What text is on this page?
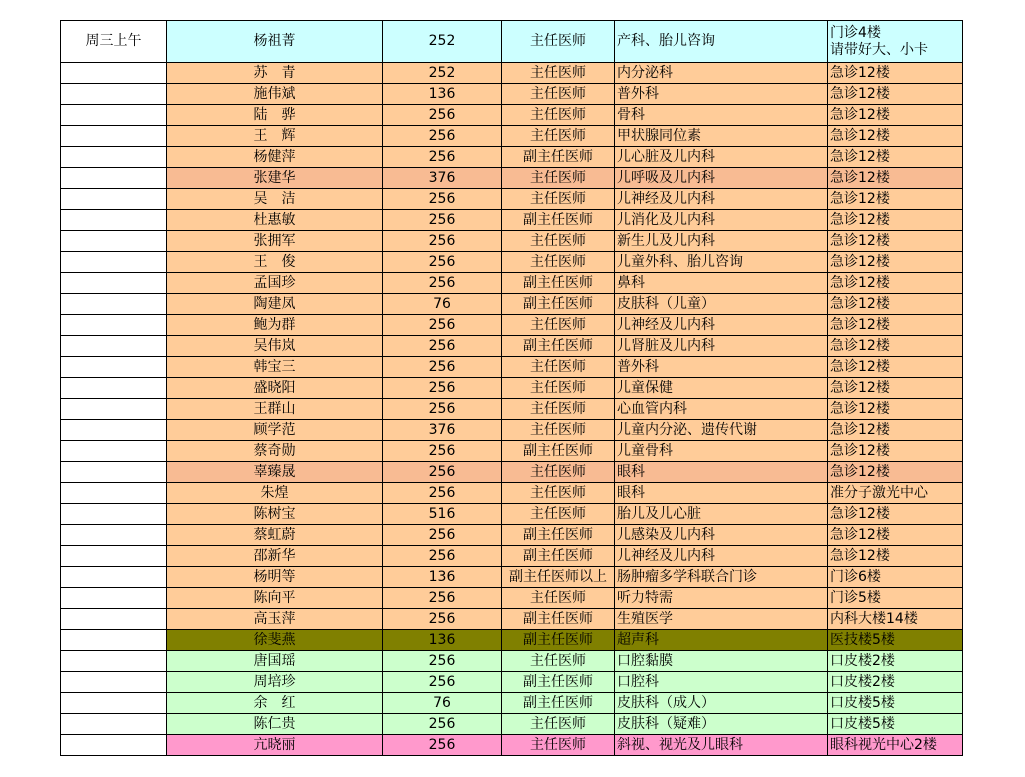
周三上午	杨祖菁	252	主任医师	产科、胎儿咨询	门诊4楼
请带好大、小卡
	苏　青	252	主任医师	内分泌科	急诊12楼
	施伟斌	136	主任医师	普外科	急诊12楼
	陆　骅	256	主任医师	骨科	急诊12楼
	王　辉	256	主任医师	甲状腺同位素	急诊12楼
	杨健萍	256	副主任医师	儿心脏及儿内科	急诊12楼
	张建华	376	主任医师	儿呼吸及儿内科	急诊12楼
	吴　洁	256	主任医师	儿神经及儿内科	急诊12楼
	杜惠敏	256	副主任医师	儿消化及儿内科	急诊12楼
	张拥军	256	主任医师	新生儿及儿内科	急诊12楼
	王　俊	256	主任医师	儿童外科、胎儿咨询	急诊12楼
	孟国珍	256	副主任医师	鼻科	急诊12楼
	陶建凤	76	副主任医师	皮肤科（儿童）	急诊12楼
	鲍为群	256	主任医师	儿神经及儿内科	急诊12楼
	吴伟岚	256	副主任医师	儿肾脏及儿内科	急诊12楼
	韩宝三	256	主任医师	普外科	急诊12楼
	盛晓阳	256	主任医师	儿童保健	急诊12楼
	王群山	256	主任医师	心血管内科	急诊12楼
	顾学范	376	主任医师	儿童内分泌、遗传代谢	急诊12楼
	蔡奇勋	256	副主任医师	儿童骨科	急诊12楼
	辜臻晟	256	主任医师	眼科	急诊12楼
	朱煌	256	主任医师	眼科	准分子激光中心
	陈树宝	516	主任医师	胎儿及儿心脏	急诊12楼
	蔡虹蔚	256	副主任医师	儿感染及儿内科	急诊12楼
	邵新华	256	副主任医师	儿神经及儿内科	急诊12楼
	杨明等	136	副主任医师以上	肠肿瘤多学科联合门诊	门诊6楼
	陈向平	256	主任医师	听力特需	门诊5楼
	高玉萍	256	副主任医师	生殖医学	内科大楼14楼
	徐斐燕	136	副主任医师	超声科	医技楼5楼
	唐国瑶	256	主任医师	口腔黏膜	口皮楼2楼
	周培珍	256	副主任医师	口腔科	口皮楼2楼
	余　红	76	副主任医师	皮肤科（成人）	口皮楼5楼
	陈仁贵	256	主任医师	皮肤科（疑难）	口皮楼5楼
	亢晓丽	256	主任医师	斜视、视光及儿眼科	眼科视光中心2楼
